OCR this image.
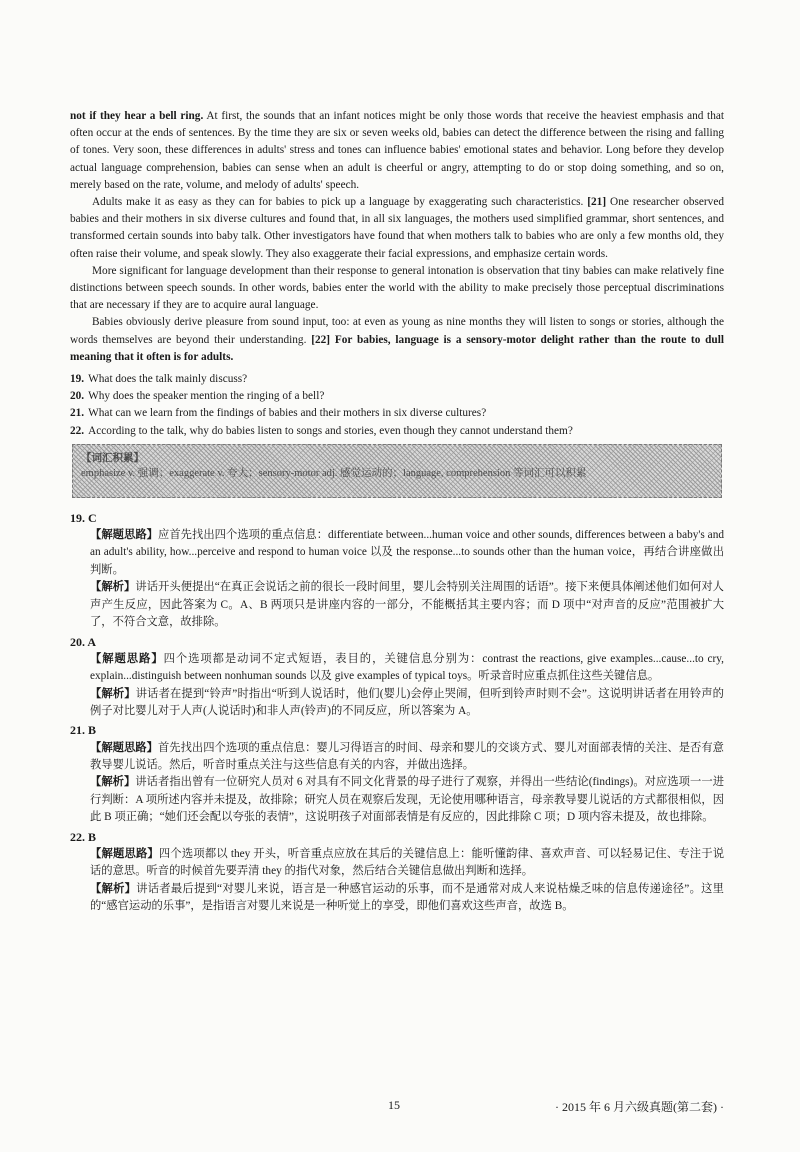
not if they hear a bell ring. At first, the sounds that an infant notices might be only those words that receive the heaviest emphasis and that often occur at the ends of sentences. By the time they are six or seven weeks old, babies can detect the difference between the rising and falling of tones. Very soon, these differences in adults' stress and tones can influence babies' emotional states and behavior. Long before they develop actual language comprehension, babies can sense when an adult is cheerful or angry, attempting to do or stop doing something, and so on, merely based on the rate, volume, and melody of adults' speech.

Adults make it as easy as they can for babies to pick up a language by exaggerating such characteristics. [21] One researcher observed babies and their mothers in six diverse cultures and found that, in all six languages, the mothers used simplified grammar, short sentences, and transformed certain sounds into baby talk. Other investigators have found that when mothers talk to babies who are only a few months old, they often raise their volume, and speak slowly. They also exaggerate their facial expressions, and emphasize certain words.

More significant for language development than their response to general intonation is observation that tiny babies can make relatively fine distinctions between speech sounds. In other words, babies enter the world with the ability to make precisely those perceptual discriminations that are necessary if they are to acquire aural language.

Babies obviously derive pleasure from sound input, too: at even as young as nine months they will listen to songs or stories, although the words themselves are beyond their understanding. [22] For babies, language is a sensory-motor delight rather than the route to dull meaning that it often is for adults.

19. What does the talk mainly discuss?
20. Why does the speaker mention the ringing of a bell?
21. What can we learn from the findings of babies and their mothers in six diverse cultures?
22. According to the talk, why do babies listen to songs and stories, even though they cannot understand them?
【词汇积累】
emphasize v. 强调；exaggerate v. 夸大；sensory-motor adj. 感觉运动的；language, comprehension 等词汇可以积累

19. C

【解题思路】应首先找出四个选项的重点信息：differentiate between...human voice and other sounds, differences between a baby's and an adult's ability, how...perceive and respond to human voice 以及 the response...to sounds other than the human voice，再结合讲座做出判断。

【解析】讲话开头便提出“在真正会说话之前的很长一段时间里，婴儿会特别关注周围的话语”。接下来便具体阐述他们如何对人声产生反应，因此答案为 C。A、B 两项只是讲座内容的一部分，不能概括其主要内容；而 D 项中“对声音的反应”范围被扩大了，不符合文意，故排除。

20. A

【解题思路】四个选项都是动词不定式短语，表目的，关键信息分别为：contrast the reactions, give examples...cause...to cry, explain...distinguish between nonhuman sounds 以及 give examples of typical toys。听录音时应重点抓住这些关键信息。

【解析】讲话者在提到“铃声”时指出“听到人说话时，他们(婴儿)会停止哭闹，但听到铃声时则不会”。这说明讲话者在用铃声的例子对比婴儿对于人声(人说话时)和非人声(铃声)的不同反应，所以答案为 A。

21. B

【解题思路】首先找出四个选项的重点信息：婴儿习得语言的时间、母亲和婴儿的交谈方式、婴儿对面部表情的关注、是否有意教导婴儿说话。然后，听音时重点关注与这些信息有关的内容，并做出选择。

【解析】讲话者指出曾有一位研究人员对 6 对具有不同文化背景的母子进行了观察，并得出一些结论(findings)。对应选项一一进行判断：A 项所述内容并未提及，故排除；研究人员在观察后发现，无论使用哪种语言，母亲教导婴儿说话的方式都很相似，因此 B 项正确；“她们还会配以夸张的表情”，这说明孩子对面部表情是有反应的，因此排除 C 项；D 项内容未提及，故也排除。

22. B

【解题思路】四个选项都以 they 开头，听音重点应放在其后的关键信息上：能听懂韵律、喜欢声音、可以轻易记住、专注于说话的意思。听音的时候首先要弄清 they 的指代对象，然后结合关键信息做出判断和选择。

【解析】讲话者最后提到“对婴儿来说，语言是一种感官运动的乐事，而不是通常对成人来说枯燥乏味的信息传递途径”。这里的“感官运动的乐事”，是指语言对婴儿来说是一种听觉上的享受，即他们喜欢这些声音，故选 B。

15	· 2015 年 6 月六级真题(第二套) ·
